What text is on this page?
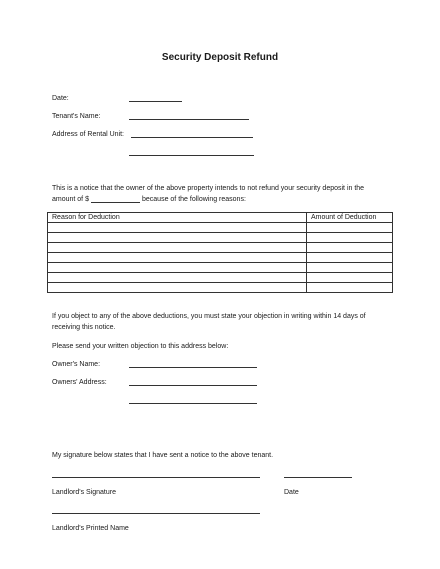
Security Deposit Refund
Date:
Tenant's Name:
Address of Rental Unit:
This is a notice that the owner of the above property intends to not refund your security deposit in the
amount of $	because of the following reasons:
Reason for Deduction	Amount of Deduction

If you object to any of the above deductions, you must state your objection in writing within 14 days of
receiving this notice.
Please send your written objection to this address below:
Owner's Name:
Owners' Address:
My signature below states that I have sent a notice to the above tenant.
Landlord's Signature	Date
Landlord's Printed Name
